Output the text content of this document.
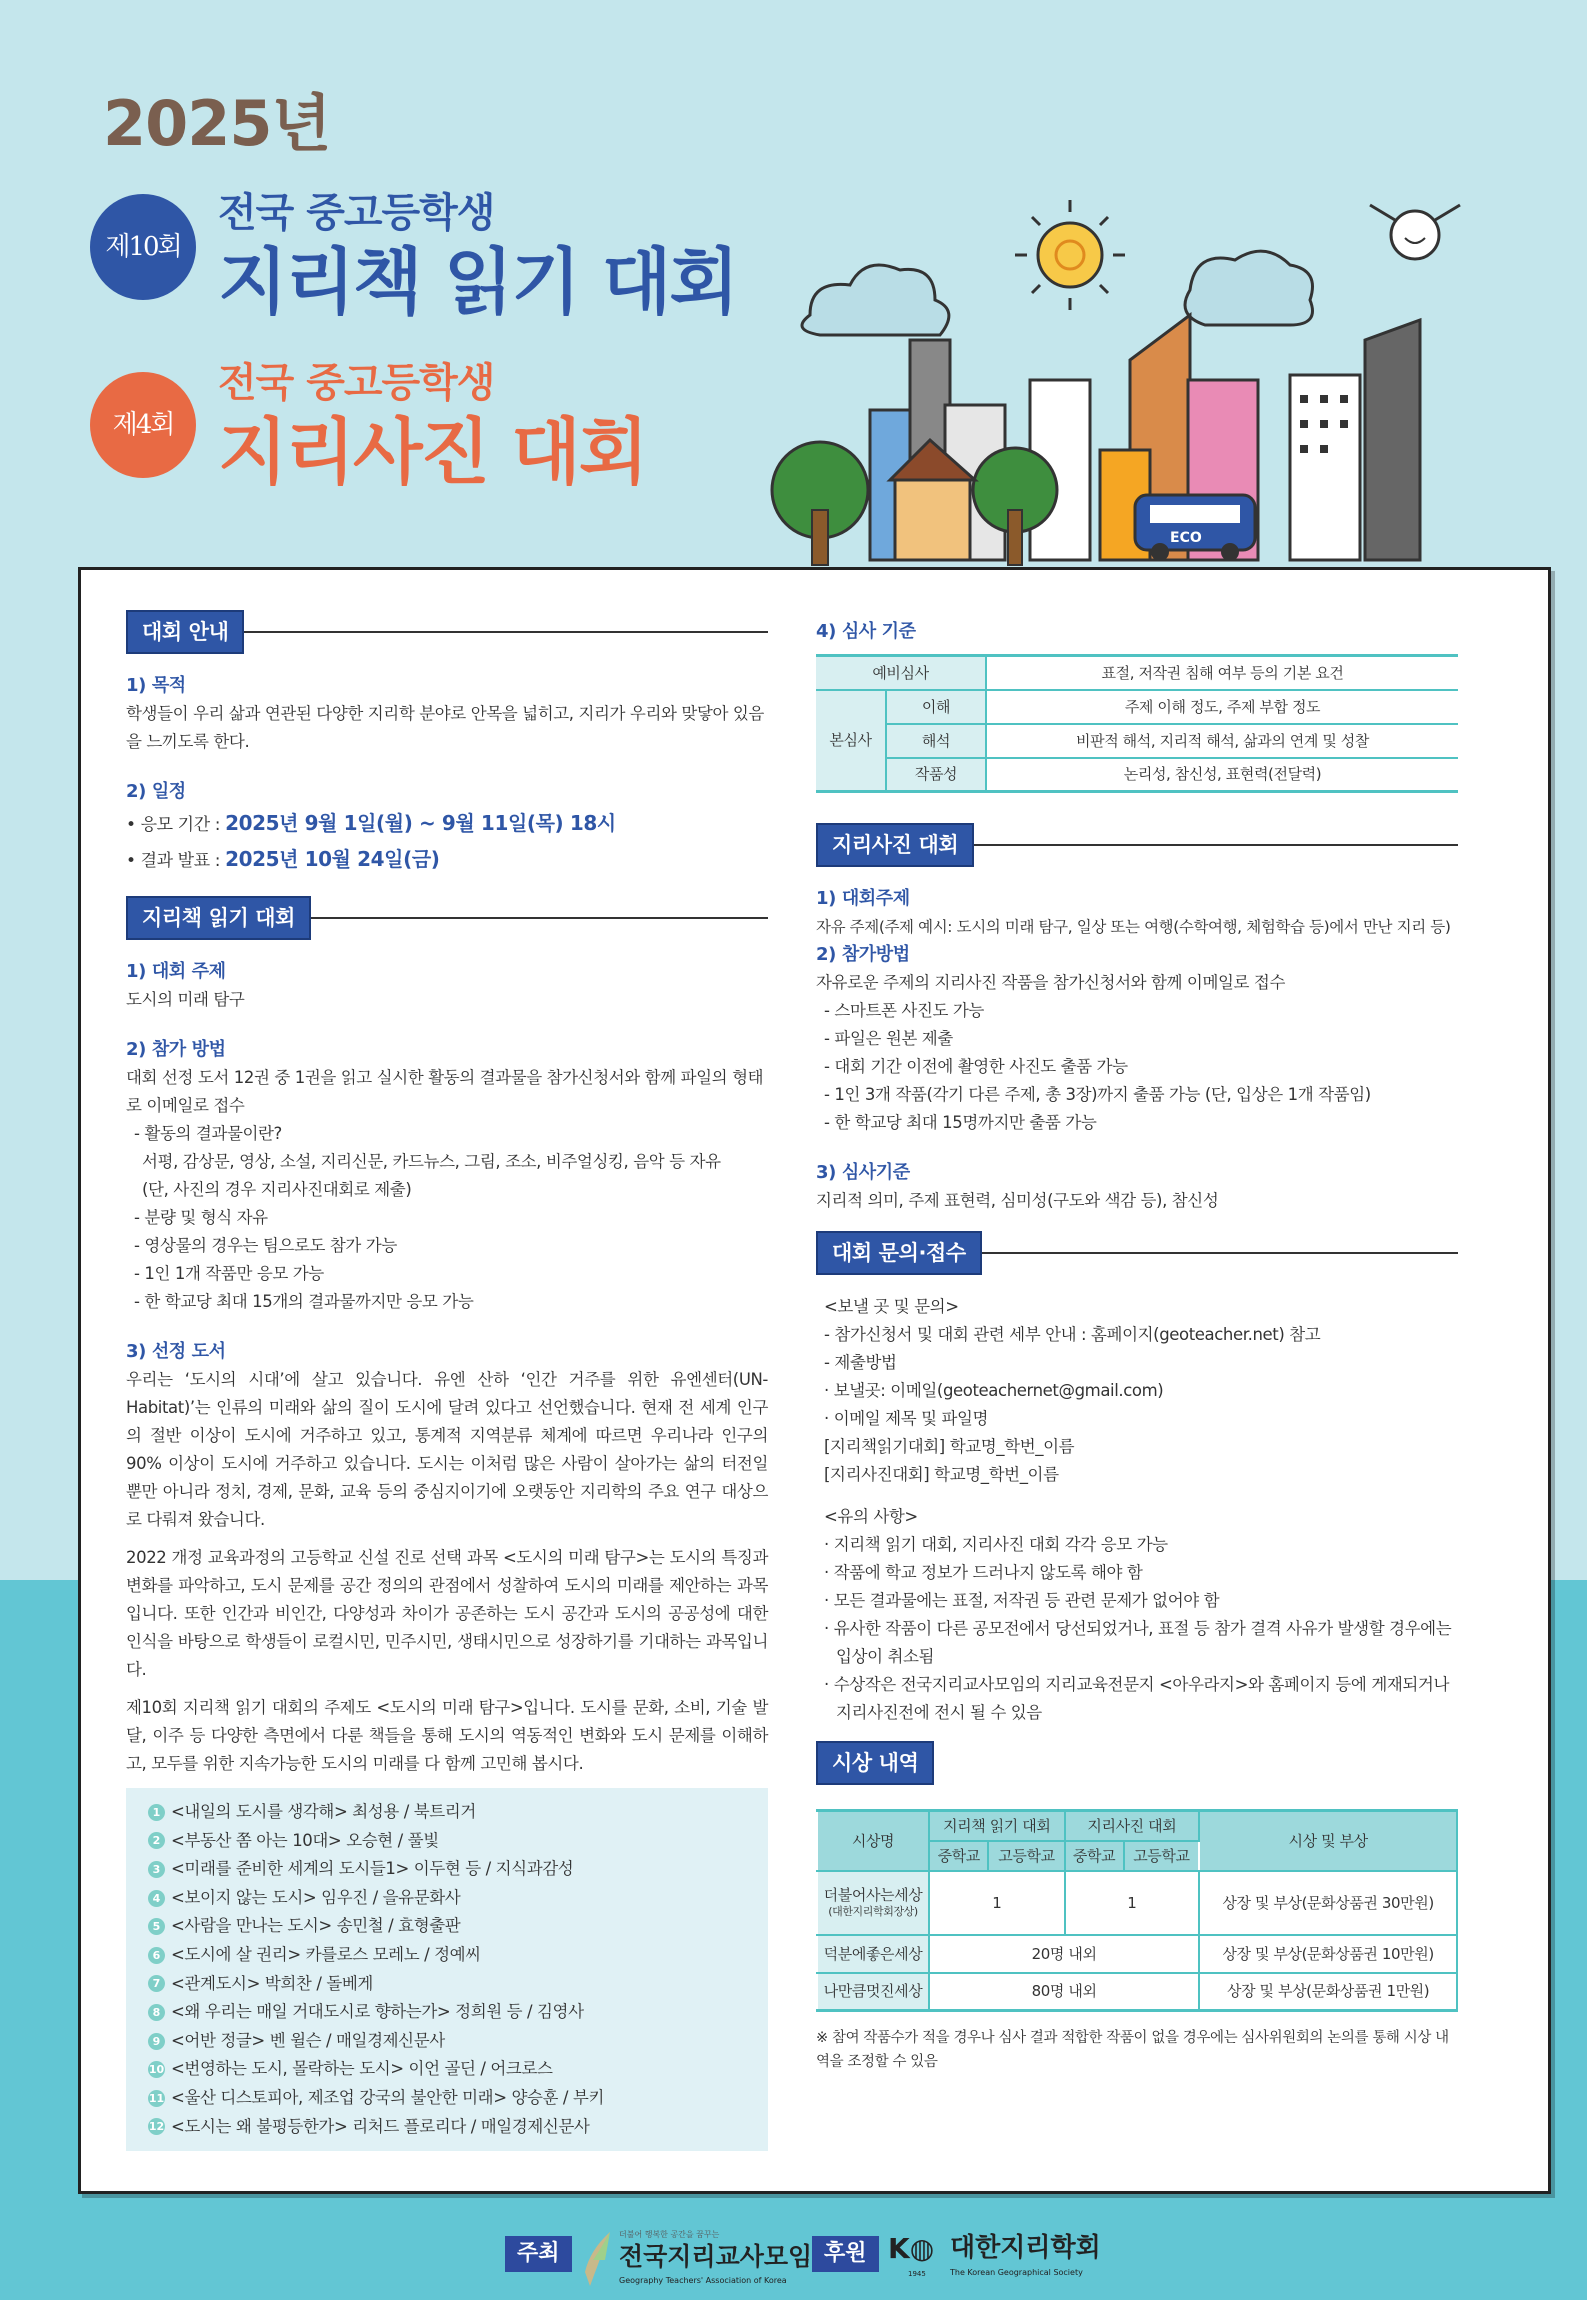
2025년
제10회
전국 중고등학생
지리책 읽기 대회
제4회
전국 중고등학생
지리사진 대회
ECO
대회 안내
1) 목적
학생들이 우리 삶과 연관된 다양한 지리학 분야로 안목을 넓히고, 지리가 우리와 맞닿아 있음을 느끼도록 한다.
2) 일정
• 응모 기간 : 2025년 9월 1일(월) ~ 9월 11일(목) 18시
• 결과 발표 : 2025년 10월 24일(금)
지리책 읽기 대회
1) 대회 주제
도시의 미래 탐구
2) 참가 방법
대회 선정 도서 12권 중 1권을 읽고 실시한 활동의 결과물을 참가신청서와 함께 파일의 형태로 이메일로 접수
- 활동의 결과물이란?
서평, 감상문, 영상, 소설, 지리신문, 카드뉴스, 그림, 조소, 비주얼싱킹, 음악 등 자유
(단, 사진의 경우 지리사진대회로 제출)
- 분량 및 형식 자유
- 영상물의 경우는 팀으로도 참가 가능
- 1인 1개 작품만 응모 가능
- 한 학교당 최대 15개의 결과물까지만 응모 가능
3) 선정 도서

우리는 ‘도시의 시대’에 살고 있습니다. 유엔 산하 ‘인간 거주를 위한 유엔센터(UN-Habitat)’는 인류의 미래와 삶의 질이 도시에 달려 있다고 선언했습니다. 현재 전 세계 인구의 절반 이상이 도시에 거주하고 있고, 통계적 지역분류 체계에 따르면 우리나라 인구의 90% 이상이 도시에 거주하고 있습니다. 도시는 이처럼 많은 사람이 살아가는 삶의 터전일 뿐만 아니라 정치, 경제, 문화, 교육 등의 중심지이기에 오랫동안 지리학의 주요 연구 대상으로 다뤄져 왔습니다.

2022 개정 교육과정의 고등학교 신설 진로 선택 과목 <도시의 미래 탐구>는 도시의 특징과 변화를 파악하고, 도시 문제를 공간 정의의 관점에서 성찰하여 도시의 미래를 제안하는 과목입니다. 또한 인간과 비인간, 다양성과 차이가 공존하는 도시 공간과 도시의 공공성에 대한 인식을 바탕으로 학생들이 로컬시민, 민주시민, 생태시민으로 성장하기를 기대하는 과목입니다.

제10회 지리책 읽기 대회의 주제도 <도시의 미래 탐구>입니다. 도시를 문화, 소비, 기술 발달, 이주 등 다양한 측면에서 다룬 책들을 통해 도시의 역동적인 변화와 도시 문제를 이해하고, 모두를 위한 지속가능한 도시의 미래를 다 함께 고민해 봅시다.

1 <내일의 도시를 생각해> 최성용 / 북트리거
2 <부동산 쫌 아는 10대> 오승현 / 풀빛
3 <미래를 준비한 세계의 도시들1> 이두현 등 / 지식과감성
4 <보이지 않는 도시> 임우진 / 을유문화사
5 <사람을 만나는 도시> 송민철 / 효형출판
6 <도시에 살 권리> 카를로스 모레노 / 정예씨
7 <관계도시> 박희찬 / 돌베게
8 <왜 우리는 매일 거대도시로 향하는가> 정희원 등 / 김영사
9 <어반 정글> 벤 윌슨 / 매일경제신문사
10 <번영하는 도시, 몰락하는 도시> 이언 골딘 / 어크로스
11 <울산 디스토피아, 제조업 강국의 불안한 미래> 양승훈 / 부키
12 <도시는 왜 불평등한가> 리처드 플로리다 / 매일경제신문사
4) 심사 기준
예비심사		표절, 저작권 침해 여부 등의 기본 요건
본심사	이해	주제 이해 정도, 주제 부합 정도
	해석	비판적 해석, 지리적 해석, 삶과의 연계 및 성찰
	작품성	논리성, 참신성, 표현력(전달력)
지리사진 대회
1) 대회주제
자유 주제(주제 예시: 도시의 미래 탐구, 일상 또는 여행(수학여행, 체험학습 등)에서 만난 지리 등)
2) 참가방법
자유로운 주제의 지리사진 작품을 참가신청서와 함께 이메일로 접수
- 스마트폰 사진도 가능
- 파일은 원본 제출
- 대회 기간 이전에 촬영한 사진도 출품 가능
- 1인 3개 작품(각기 다른 주제, 총 3장)까지 출품 가능 (단, 입상은 1개 작품임)
- 한 학교당 최대 15명까지만 출품 가능
3) 심사기준
지리적 의미, 주제 표현력, 심미성(구도와 색감 등), 참신성
대회 문의·접수
<보낼 곳 및 문의>
- 참가신청서 및 대회 관련 세부 안내 : 홈페이지(geoteacher.net) 참고
- 제출방법
· 보낼곳: 이메일(geoteachernet@gmail.com)
· 이메일 제목 및 파일명
[지리책읽기대회] 학교명_학번_이름
[지리사진대회] 학교명_학번_이름
<유의 사항>
· 지리책 읽기 대회, 지리사진 대회 각각 응모 가능
· 작품에 학교 정보가 드러나지 않도록 해야 함
· 모든 결과물에는 표절, 저작권 등 관련 문제가 없어야 함
· 유사한 작품이 다른 공모전에서 당선되었거나, 표절 등 참가 결격 사유가 발생할 경우에는 입상이 취소됨
· 수상작은 전국지리교사모임의 지리교육전문지 <아우라지>와 홈페이지 등에 게재되거나 지리사진전에 전시 될 수 있음
시상 내역
시상명	지리책 읽기 대회		지리사진 대회		시상 및 부상
	중학교	고등학교	중학교	고등학교	

더불어사는세상
(대한지리학회장상)	1		1		상장 및 부상(문화상품권 30만원)
덕분에좋은세상	20명 내외				상장 및 부상(문화상품권 10만원)
나만큼멋진세상	80명 내외				상장 및 부상(문화상품권 1만원)
※ 참여 작품수가 적을 경우나 심사 결과 적합한 작품이 없을 경우에는 심사위원회의 논의를 통해 시상 내역을 조정할 수 있음
주최
더불어 행복한 공간을 꿈꾸는
전국지리교사모임
Geography Teachers' Association of Korea
후원 K◍
1945
대한지리학회
The Korean Geographical Society
